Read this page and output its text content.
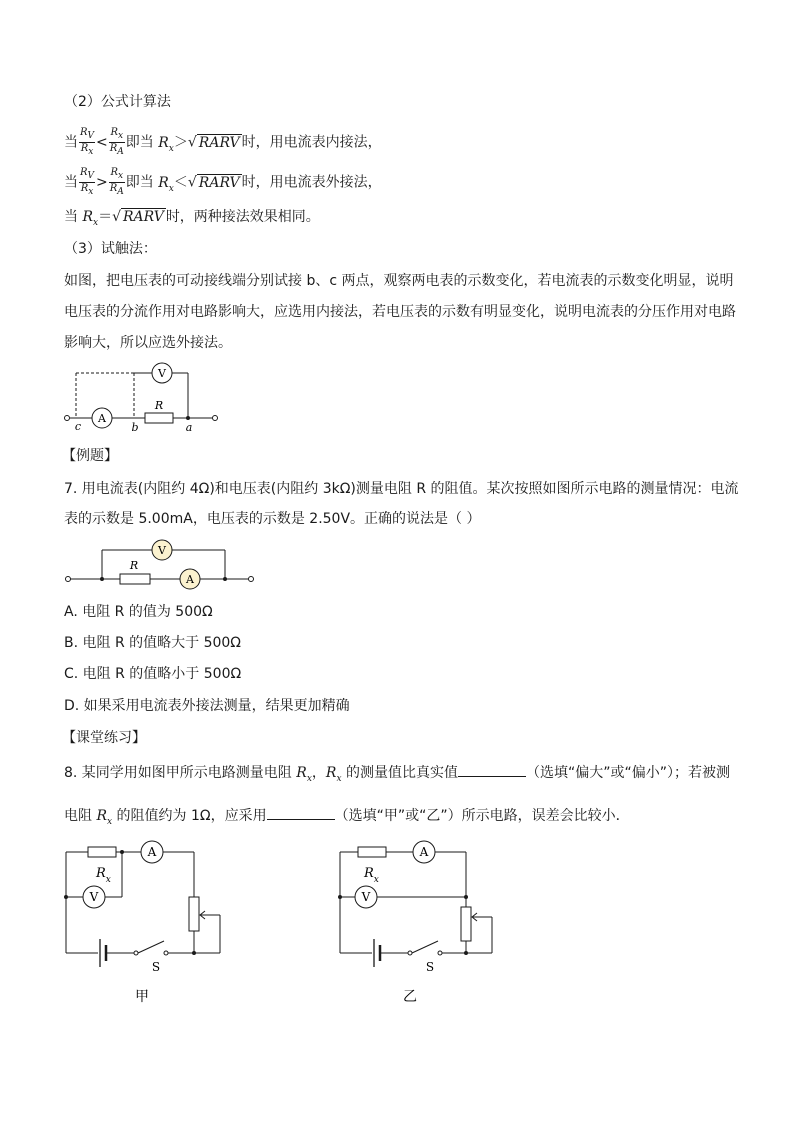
（2）公式计算法
当 $\frac{R_V}{R_x} < \frac{R_x}{R_A}$ 即当 $R_x>√$ RARV 时，用电流表内接法，
当 $\frac{R_V}{R_x} > \frac{R_x}{R_A}$ 即当 $R_x<√$ RARV 时，用电流表外接法，
当 $R_x=√$ RARV 时，两种接法效果相同。
（3）试触法：
如图，把电压表的可动接线端分别试接 b、c 两点，观察两电表的示数变化，若电流表的示数变化明显，说明
电压表的分流作用对电路影响大，应选用内接法，若电压表的示数有明显变化，说明电流表的分压作用对电路
影响大，所以应选外接法。
V
A
R
c	b	a
【例题】
7. 用电流表(内阻约 4Ω)和电压表(内阻约 3kΩ)测量电阻 R 的阻值。某次按照如图所示电路的测量情况：电流
表的示数是 5.00mA，电压表的示数是 2.50V。正确的说法是（ ）
V
A
R
A. 电阻 R 的值为 500Ω
B. 电阻 R 的值略大于 500Ω
C. 电阻 R 的值略小于 500Ω
D. 如果采用电流表外接法测量，结果更加精确
【课堂练习】
8. 某同学用如图甲所示电路测量电阻 $R_x$，$R_x$ 的测量值比真实值	（选填“偏大”或“偏小”）；若被测
电阻 $R_x$ 的阻值约为 1Ω，应采用	（选填“甲”或“乙”）所示电路，误差会比较小．
A
V
$R_x$
S
甲
A
V
$R_x$
S
乙
